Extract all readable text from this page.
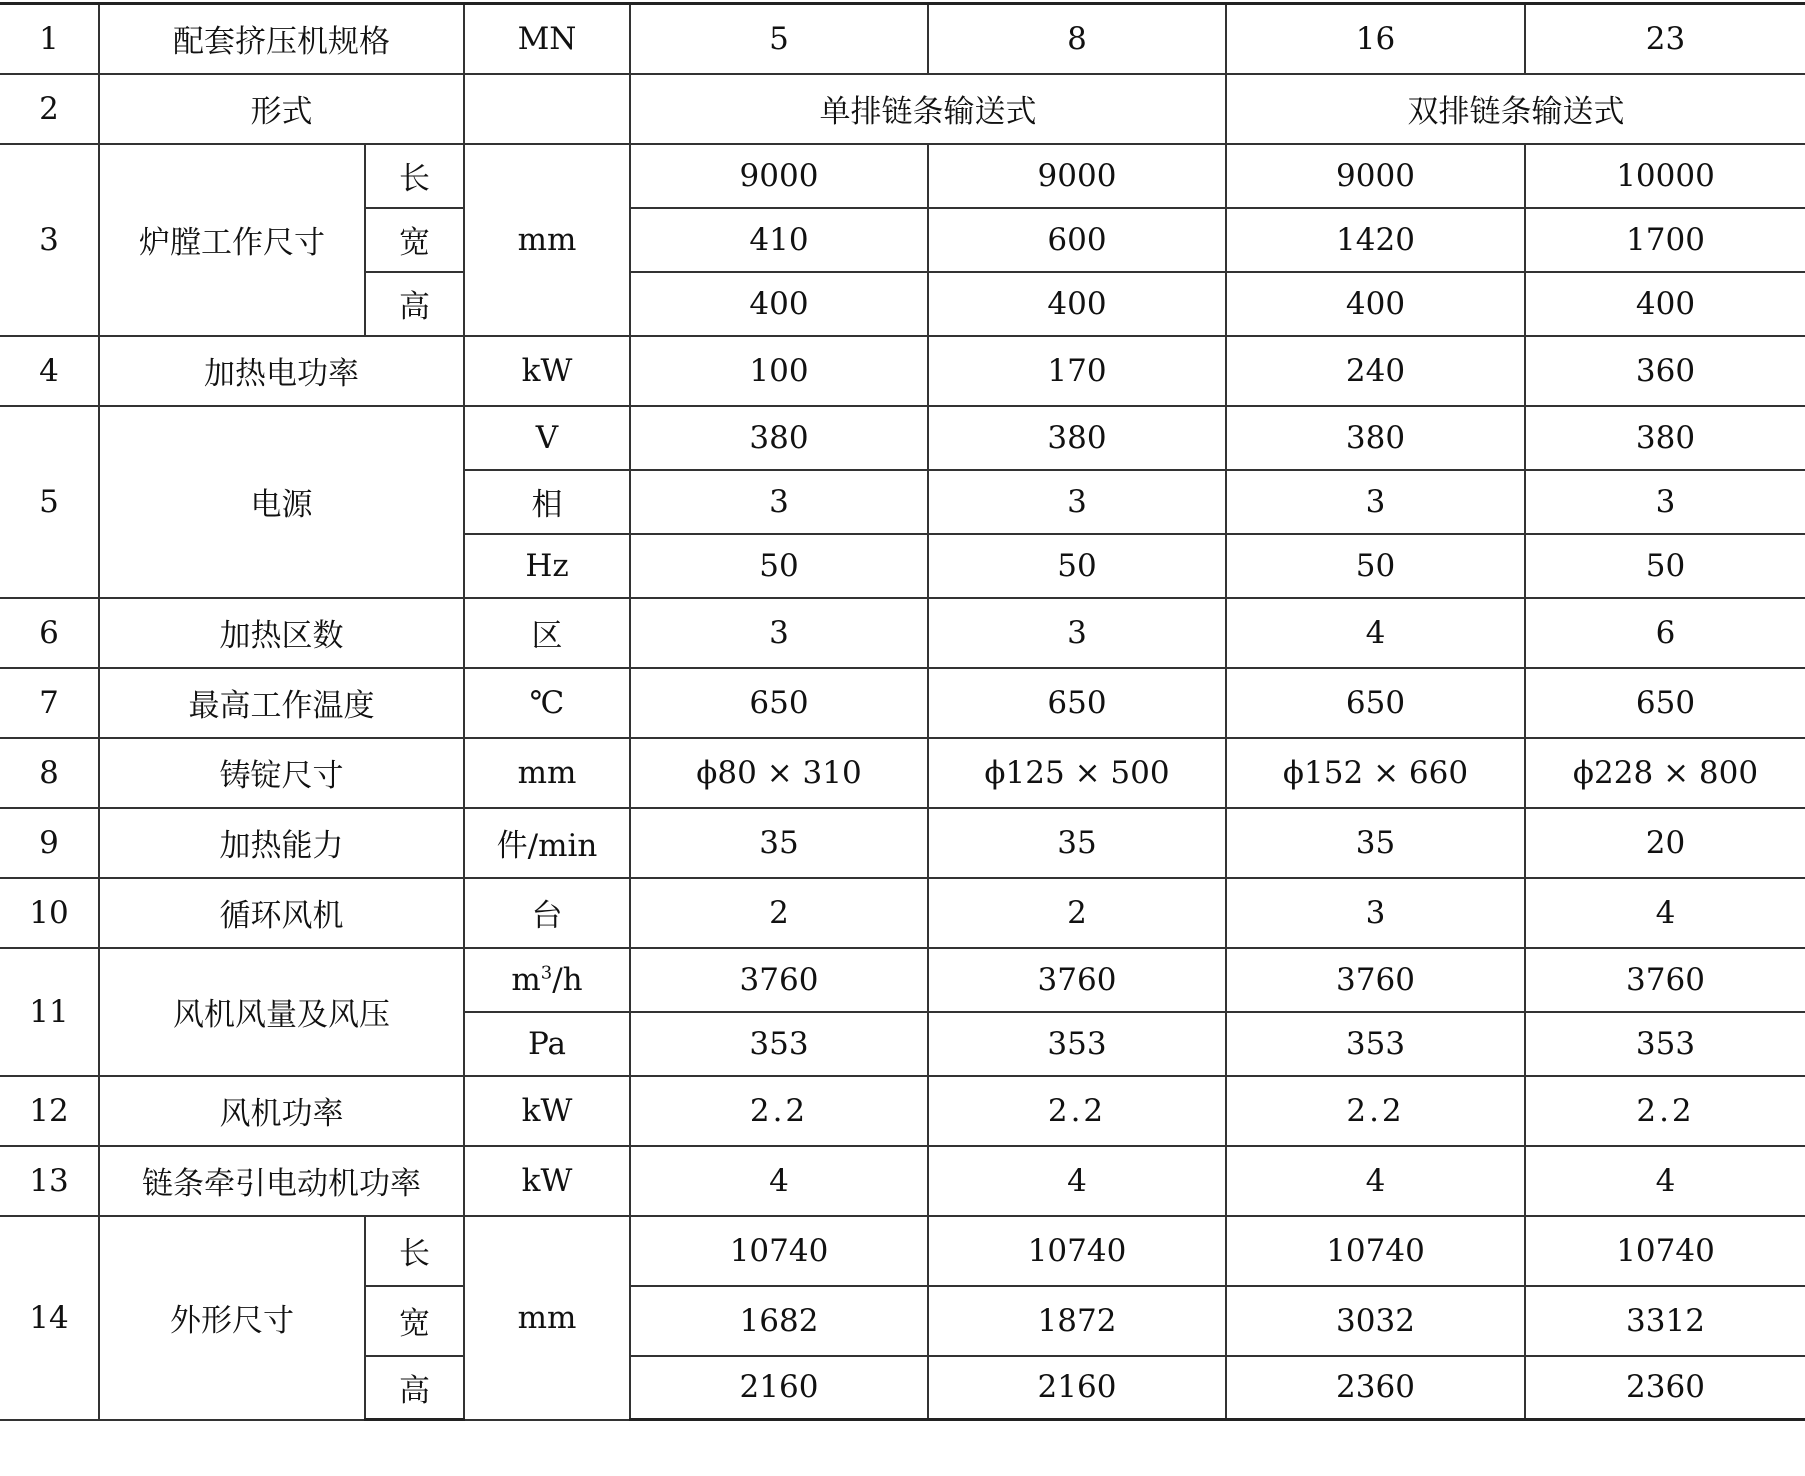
1	配套挤压机规格		MN	5	8	16	23
2	形式			单排链条输送式		双排链条输送式	
3	炉膛工作尺寸	长	mm	9000	9000	9000	10000
		宽		410	600	1420	1700
		高		400	400	400	400
4	加热电功率		kW	100	170	240	360
5	电源		V	380	380	380	380
			相	3	3	3	3
			Hz	50	50	50	50
6	加热区数		区	3	3	4	6
7	最高工作温度		℃	650	650	650	650
8	铸锭尺寸		mm	ϕ80 × 310	ϕ125 × 500	ϕ152 × 660	ϕ228 × 800
9	加热能力		件/min	35	35	35	20
10	循环风机		台	2	2	3	4
11	风机风量及风压		$m^3/h$	3760	3760	3760	3760
			Pa	353	353	353	353
12	风机功率		kW	2.2	2.2	2.2	2.2
13	链条牵引电动机功率		kW	4	4	4	4
14	外形尺寸	长	mm	10740	10740	10740	10740
		宽		1682	1872	3032	3312
		高		2160	2160	2360	2360
